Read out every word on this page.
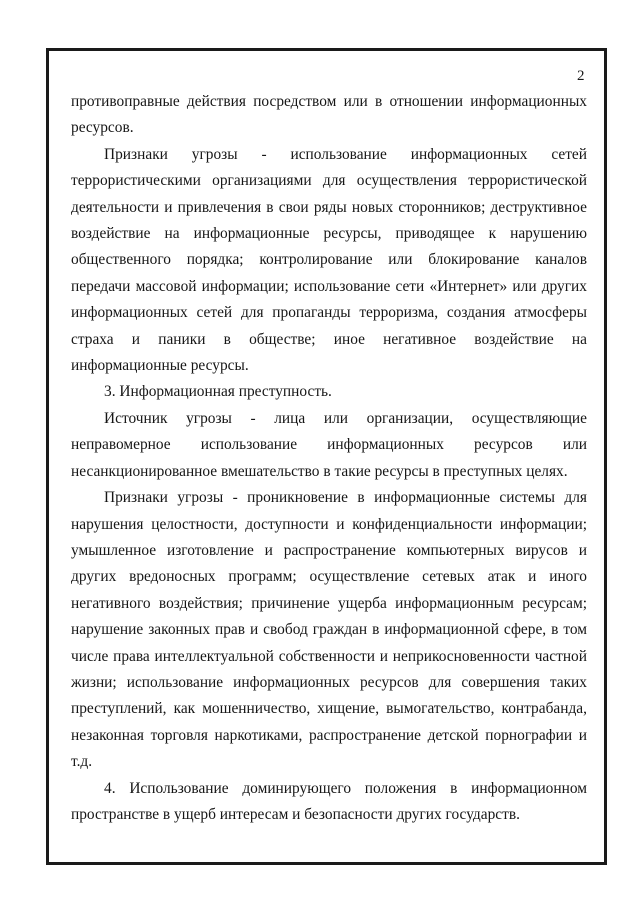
2

противоправные действия посредством или в отношении информационных ресурсов.

Признаки угрозы - использование информационных сетей террористическими организациями для осуществления террористической деятельности и привлечения в свои ряды новых сторонников; деструктивное воздействие на информационные ресурсы, приводящее к нарушению общественного порядка; контролирование или блокирование каналов передачи массовой информации; использование сети «Интернет» или других информационных сетей для пропаганды терроризма, создания атмосферы страха и паники в обществе; иное негативное воздействие на информационные ресурсы.

3. Информационная преступность.

Источник угрозы - лица или организации, осуществляющие неправомерное использование информационных ресурсов или несанкционированное вмешательство в такие ресурсы в преступных целях.

Признаки угрозы - проникновение в информационные системы для нарушения целостности, доступности и конфиденциальности информации; умышленное изготовление и распространение компьютерных вирусов и других вредоносных программ; осуществление сетевых атак и иного негативного воздействия; причинение ущерба информационным ресурсам; нарушение законных прав и свобод граждан в информационной сфере, в том числе права интеллектуальной собственности и неприкосновенности частной жизни; использование информационных ресурсов для совершения таких преступлений, как мошенничество, хищение, вымогательство, контрабанда, незаконная торговля наркотиками, распространение детской порнографии и т.д.

4. Использование доминирующего положения в информационном пространстве в ущерб интересам и безопасности других государств.
